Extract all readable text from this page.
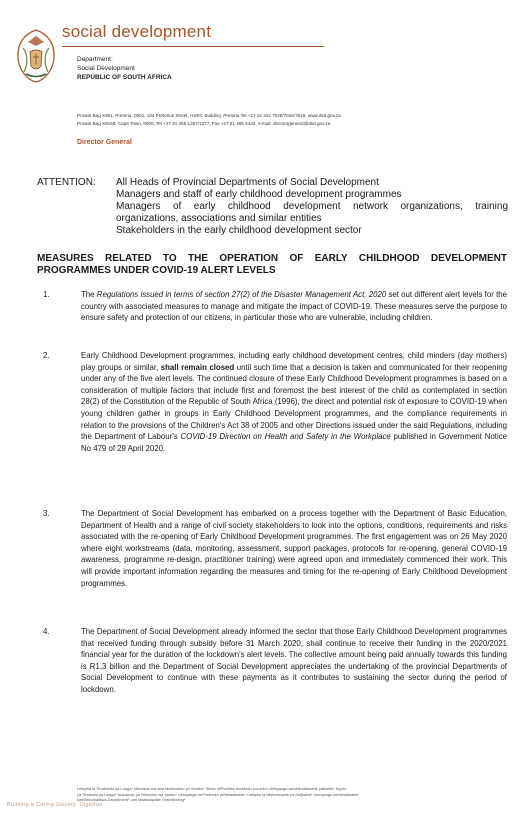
social development
Department:
Social Development
REPUBLIC OF SOUTH AFRICA
Private Bag X901, Pretoria, 0001, 134 Pretorius Street, HSRC Building, Pretoria Tel +27 12 312 7025/7026/7619, www.dsd.gov.za
Private Bag X9150, Cape Town, 8000, Tel +27 21 465 1257/1277, Fax +27 21 465 6433, e-mail: directorgeneral@dsd.gov.za
Director General
ATTENTION:	All Heads of Provincial Departments of Social Development
Managers and staff of early childhood development programmes
Managers of early childhood development network organizations, training
organizations, associations and similar entities
Stakeholders in the early childhood development sector
MEASURES RELATED TO THE OPERATION OF EARLY CHILDHOOD DEVELOPMENT PROGRAMMES UNDER COVID-19 ALERT LEVELS
1.	The Regulations issued in terms of section 27(2) of the Disaster Management Act, 2020 set out different alert levels for the country with associated measures to manage and mitigate the impact of COVID-19. These measures serve the purpose to ensure safety and protection of our citizens, in particular those who are vulnerable, including children.
2.	Early Childhood Development programmes, including early childhood development centres, child minders (day mothers) play groups or similar, shall remain closed until such time that a decision is taken and communicated for their reopening under any of the five alert levels. The continued closure of these Early Childhood Development programmes is based on a consideration of multiple factors that include first and foremost the best interest of the child as contemplated in section 28(2) of the Constitution of the Republic of South Africa (1996), the direct and potential risk of exposure to COVID-19 when young children gather in groups in Early Childhood Development programmes, and the compliance requirements in relation to the provisions of the Children's Act 38 of 2005 and other Directions issued under the said Regulations, including the Department of Labour's COVID-19 Direction on Health and Safety in the Workplace published in Government Notice No 479 of 29 April 2020.
3.	The Department of Social Development has embarked on a process together with the Department of Basic Education, Department of Health and a range of civil society stakeholders to look into the options, conditions, requirements and risks associated with the re-opening of Early Childhood Development programmes. The first engagement was on 26 May 2020 where eight workstreams (data, monitoring, assessment, support packages, protocols for re-opening, general COVID-19 awareness, programme re-design, practitioner training) were agreed upon and immediately commenced their work. This will provide important information regarding the measures and timing for the re-opening of Early Childhood Development programmes.
4.	The Department of Social Development already informed the sector that those Early Childhood Development programmes that received funding through subsidy before 31 March 2020, shall continue to receive their funding in the 2020/2021 financial year for the duration of the lockdown's alert levels. The collective amount being paid annually towards this funding is R1,3 billion and the Department of Social Development appreciates the undertaking of the provincial Departments of Social Development to continue with these payments as it contributes to sustaining the sector during the period of lockdown.
Lefapha la Tlhabololo ya Loago* Muhasho wa zwa Mveledziso ya Vhathu* ISebe loPhuhliso lweNtlalo yoLuntu* uMnyango wezeNhlalakahle yaBantu* Kgoro
ya Tlhabollo ya Leago* Ndzawulo ya Nhluvuko wa Vanhu* UMnyango weThuthuko yeNhlalakahle* Lefapha la Ntshetsopele ya Setjhaba* Umnyango weNhlalakahle
kweSekuhlaliswa Department* van Maatskaplike Ontwikkeling*
Building a Caring Society. Together
